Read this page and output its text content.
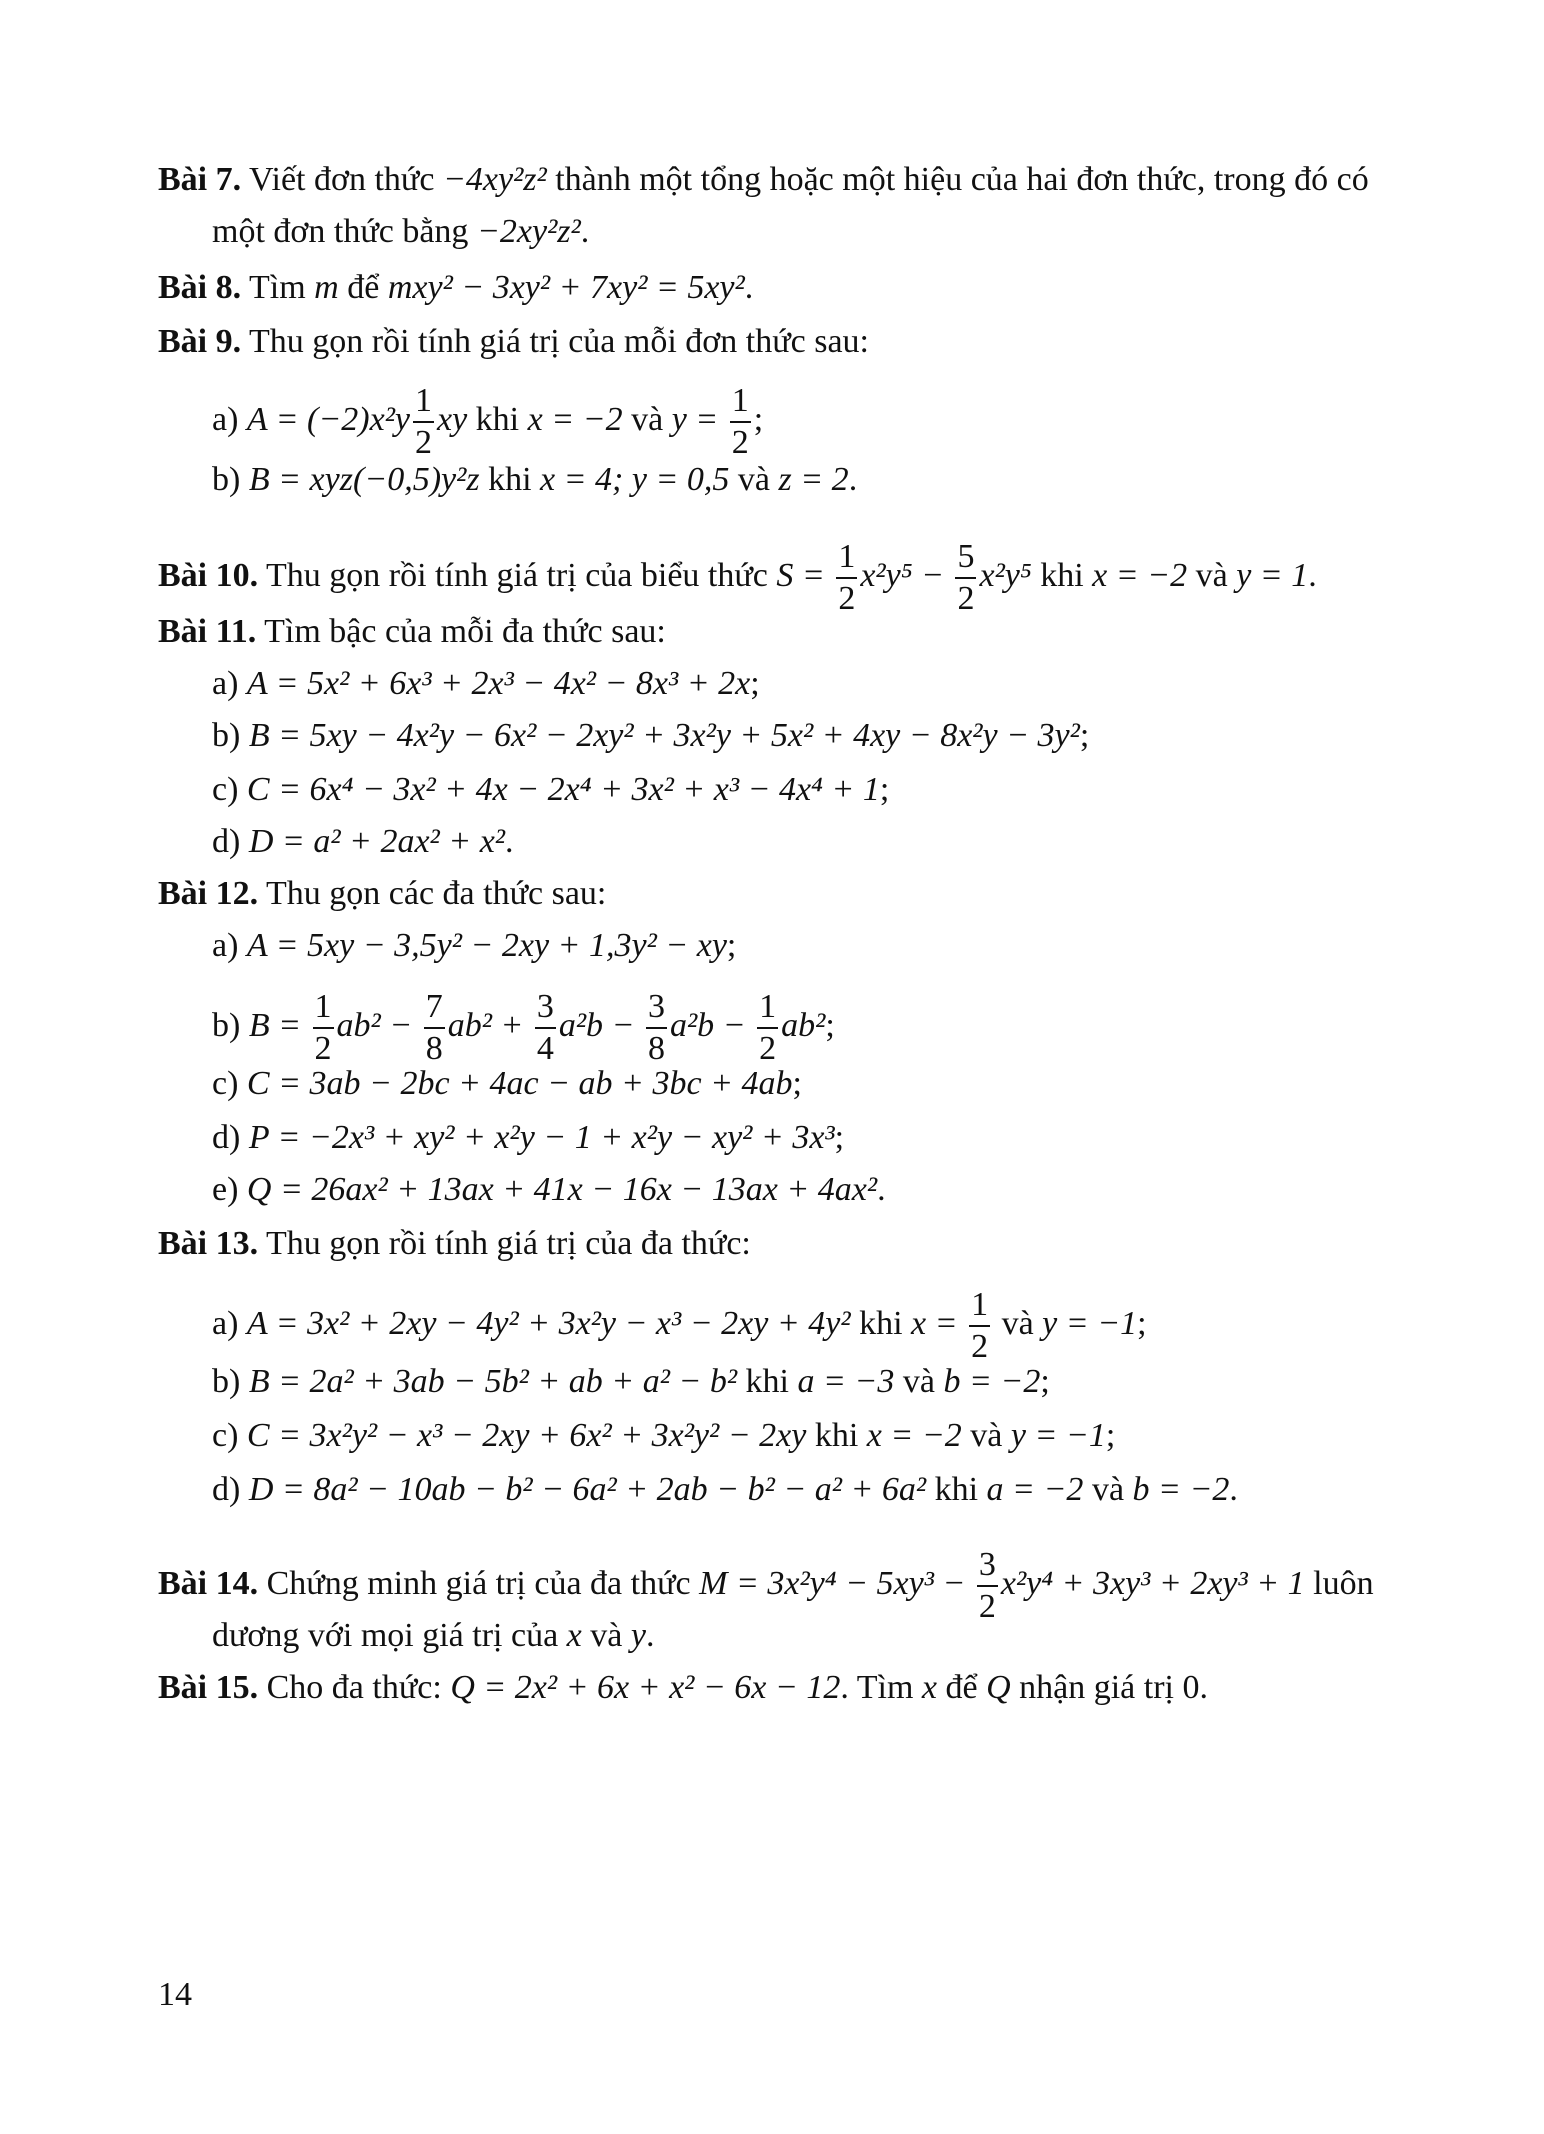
Bài 7. Viết đơn thức −4xy²z² thành một tổng hoặc một hiệu của hai đơn thức, trong đó có
một đơn thức bằng −2xy²z².
Bài 8. Tìm m để mxy² − 3xy² + 7xy² = 5xy².
Bài 9. Thu gọn rồi tính giá trị của mỗi đơn thức sau:
a) $A = (-2)x^2y \frac{1}{2}$ xy khi x = −2 và $y = \frac{1}{2}$ ;
b) B = xyz(−0,5)y²z khi x = 4; y = 0,5 và z = 2.
Bài 10. Thu gọn rồi tính giá trị của biểu thức $S = \frac{1}{2} x^2y^5 - \frac{5}{2} x^2y^5$ khi x = −2 và y = 1.
Bài 11. Tìm bậc của mỗi đa thức sau:
a) A = 5x² + 6x³ + 2x³ − 4x² − 8x³ + 2x;
b) B = 5xy − 4x²y − 6x² − 2xy² + 3x²y + 5x² + 4xy − 8x²y − 3y²;
c) C = 6x⁴ − 3x² + 4x − 2x⁴ + 3x² + x³ − 4x⁴ + 1;
d) D = a² + 2ax² + x².
Bài 12. Thu gọn các đa thức sau:
a) A = 5xy − 3,5y² − 2xy + 1,3y² − xy;
b) $B = \frac{1}{2} ab^2 - \frac{7}{8} ab^2 + \frac{3}{4} a^2b - \frac{3}{8} a^2b - \frac{1}{2} ab^2$;
c) C = 3ab − 2bc + 4ac − ab + 3bc + 4ab;
d) P = −2x³ + xy² + x²y − 1 + x²y − xy² + 3x³;
e) Q = 26ax² + 13ax + 41x − 16x − 13ax + 4ax².
Bài 13. Thu gọn rồi tính giá trị của đa thức:
a) A = 3x² + 2xy − 4y² + 3x²y − x³ − 2xy + 4y² khi $x = \frac{1}{2}$ và y = −1;
b) B = 2a² + 3ab − 5b² + ab + a² − b² khi a = −3 và b = −2;
c) C = 3x²y² − x³ − 2xy + 6x² + 3x²y² − 2xy khi x = −2 và y = −1;
d) D = 8a² − 10ab − b² − 6a² + 2ab − b² − a² + 6a² khi a = −2 và b = −2.
Bài 14. Chứng minh giá trị của đa thức $M = 3x^2y^4 - 5xy^3 - \frac{3}{2} x^2y^4 + 3xy^3 + 2xy^3 + 1$ luôn
dương với mọi giá trị của x và y.
Bài 15. Cho đa thức: Q = 2x² + 6x + x² − 6x − 12. Tìm x để Q nhận giá trị 0.
14
